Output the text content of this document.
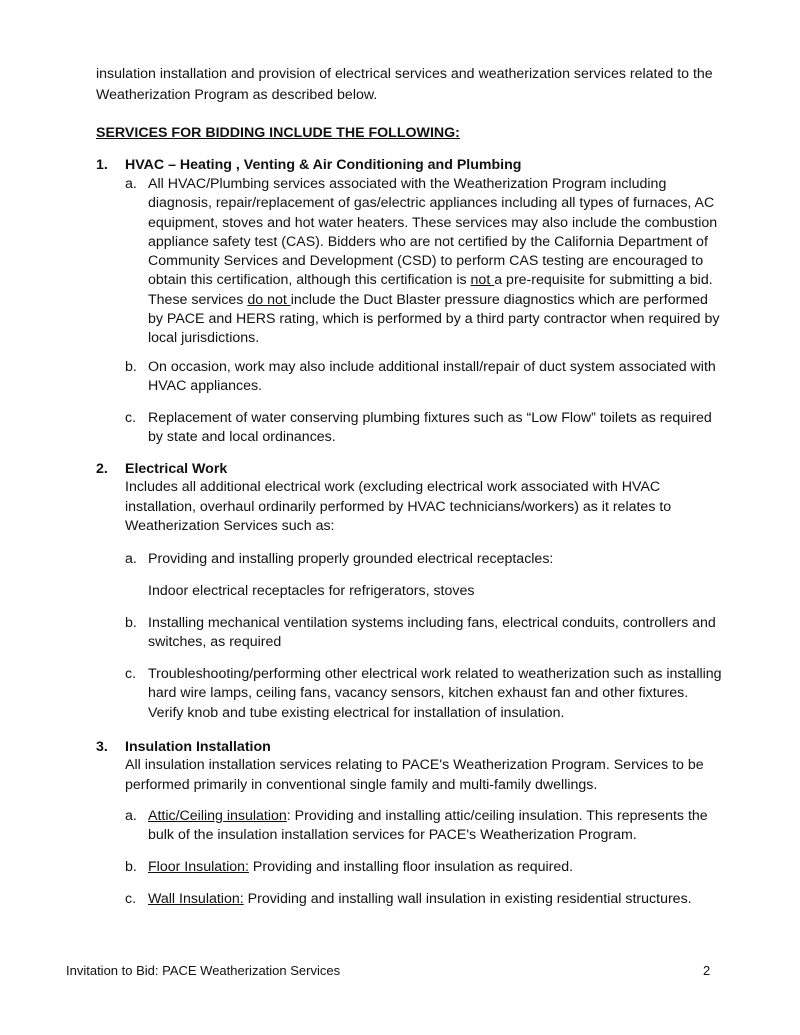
insulation installation and provision of electrical services and weatherization services related to the Weatherization Program as described below.

SERVICES FOR BIDDING INCLUDE THE FOLLOWING:
1. HVAC – Heating , Venting & Air Conditioning and Plumbing
a. All HVAC/Plumbing services associated with the Weatherization Program including diagnosis, repair/replacement of gas/electric appliances including all types of furnaces, AC equipment, stoves and hot water heaters. These services may also include the combustion appliance safety test (CAS). Bidders who are not certified by the California Department of Community Services and Development (CSD) to perform CAS testing are encouraged to obtain this certification, although this certification is not a pre-requisite for submitting a bid. These services do not include the Duct Blaster pressure diagnostics which are performed by PACE and HERS rating, which is performed by a third party contractor when required by local jurisdictions.
b. On occasion, work may also include additional install/repair of duct system associated with HVAC appliances.
c. Replacement of water conserving plumbing fixtures such as “Low Flow” toilets as required by state and local ordinances.
2. Electrical Work

Includes all additional electrical work (excluding electrical work associated with HVAC installation, overhaul ordinarily performed by HVAC technicians/workers) as it relates to Weatherization Services such as:

a. Providing and installing properly grounded electrical receptacles:
Indoor electrical receptacles for refrigerators, stoves
b. Installing mechanical ventilation systems including fans, electrical conduits, controllers and switches, as required
c. Troubleshooting/performing other electrical work related to weatherization such as installing hard wire lamps, ceiling fans, vacancy sensors, kitchen exhaust fan and other fixtures. Verify knob and tube existing electrical for installation of insulation.
3. Insulation Installation

All insulation installation services relating to PACE's Weatherization Program. Services to be performed primarily in conventional single family and multi-family dwellings.

a. Attic/Ceiling insulation: Providing and installing attic/ceiling insulation. This represents the bulk of the insulation installation services for PACE's Weatherization Program.
b. Floor Insulation: Providing and installing floor insulation as required.
c. Wall Insulation: Providing and installing wall insulation in existing residential structures.
Invitation to Bid: PACE Weatherization Services	2
